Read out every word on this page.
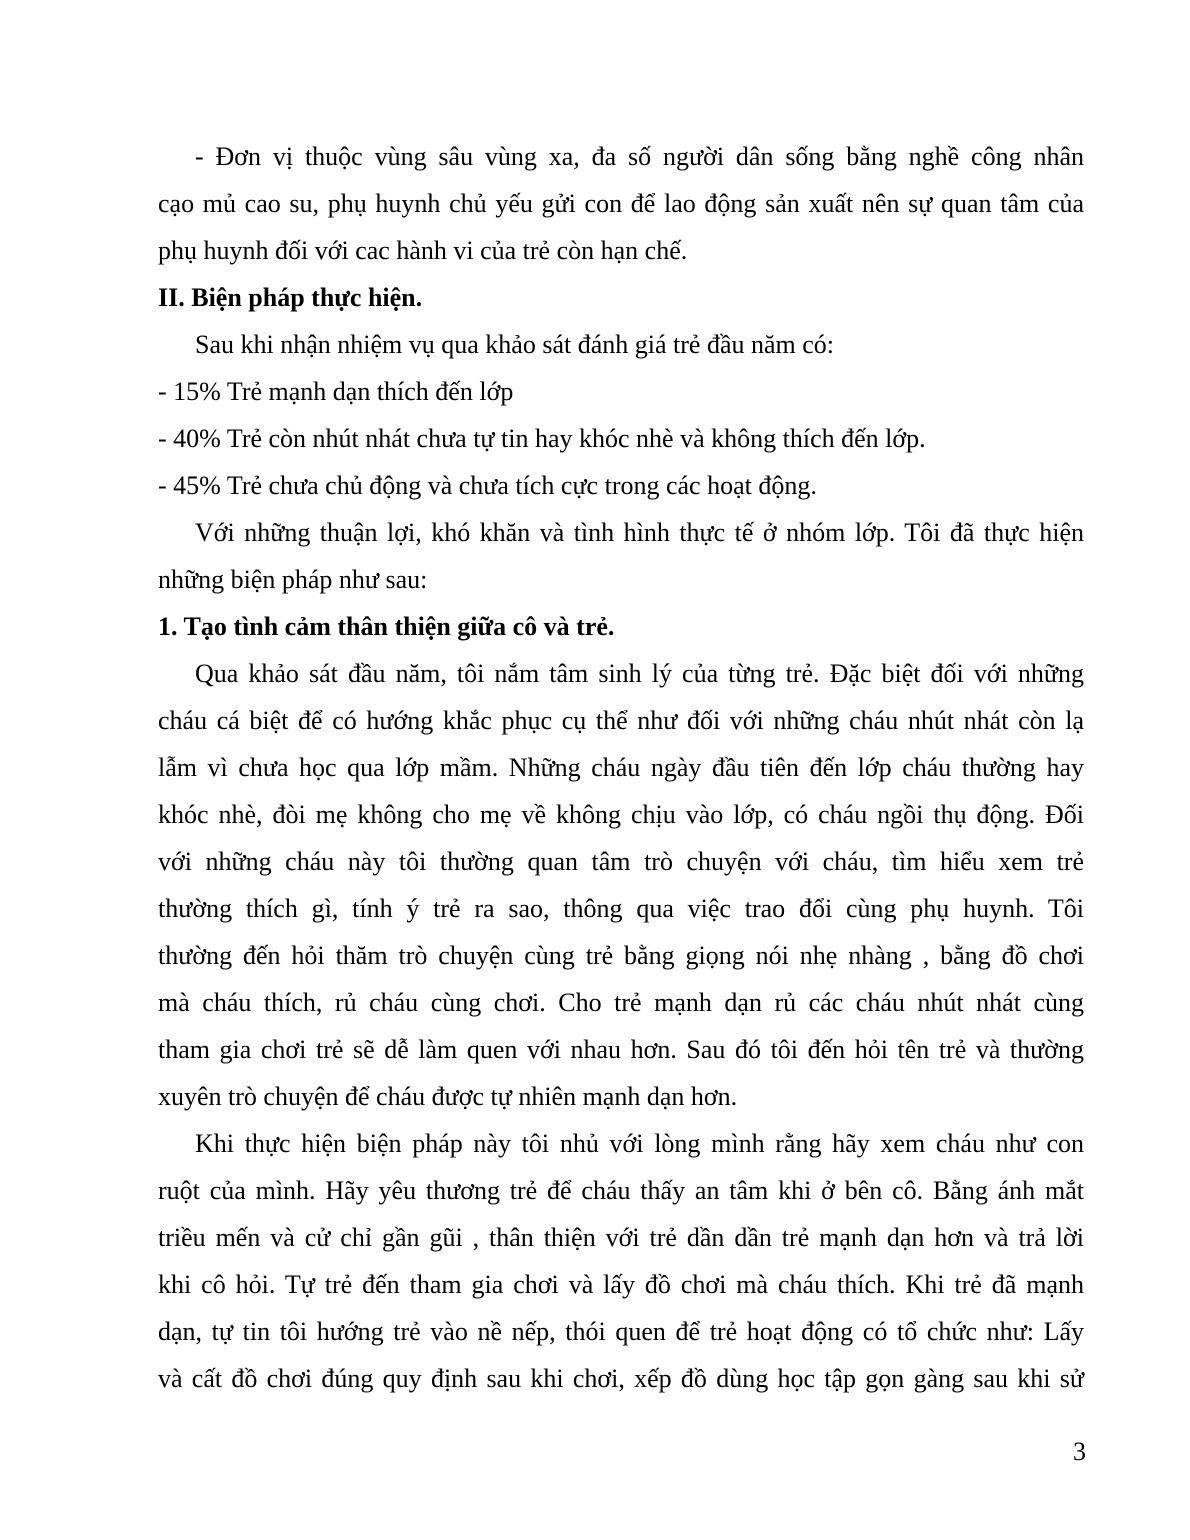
- Đơn vị thuộc vùng sâu vùng xa, đa số người dân sống bằng nghề công nhân
cạo mủ cao su, phụ huynh chủ yếu gửi con để lao động sản xuất nên sự quan tâm của
phụ huynh đối với cac hành vi của trẻ còn hạn chế.
II. Biện pháp thực hiện.
Sau khi nhận nhiệm vụ qua khảo sát đánh giá trẻ đầu năm có:
- 15% Trẻ mạnh dạn thích đến lớp
- 40% Trẻ còn nhút nhát chưa tự tin hay khóc nhè và không thích đến lớp.
- 45% Trẻ chưa chủ động và chưa tích cực trong các hoạt động.
Với những thuận lợi, khó khăn và tình hình thực tế ở nhóm lớp. Tôi đã thực hiện
những biện pháp như sau:
1. Tạo tình cảm thân thiện giữa cô và trẻ.
Qua khảo sát đầu năm, tôi nắm tâm sinh lý của từng trẻ. Đặc biệt đối với những
cháu cá biệt để có hướng khắc phục cụ thể như đối với những cháu nhút nhát còn lạ
lẫm vì chưa học qua lớp mầm. Những cháu ngày đầu tiên đến lớp cháu thường hay
khóc nhè, đòi mẹ không cho mẹ về không chịu vào lớp, có cháu ngồi thụ động. Đối
với những cháu này tôi thường quan tâm trò chuyện với cháu, tìm hiểu xem trẻ
thường thích gì, tính ý trẻ ra sao, thông qua việc trao đổi cùng phụ huynh. Tôi
thường đến hỏi thăm trò chuyện cùng trẻ bằng giọng nói nhẹ nhàng , bằng đồ chơi
mà cháu thích, rủ cháu cùng chơi. Cho trẻ mạnh dạn rủ các cháu nhút nhát cùng
tham gia chơi trẻ sẽ dễ làm quen với nhau hơn. Sau đó tôi đến hỏi tên trẻ và thường
xuyên trò chuyện để cháu được tự nhiên mạnh dạn hơn.
Khi thực hiện biện pháp này tôi nhủ với lòng mình rằng hãy xem cháu như con
ruột của mình. Hãy yêu thương trẻ để cháu thấy an tâm khi ở bên cô. Bằng ánh mắt
triều mến và cử chỉ gần gũi , thân thiện với trẻ dần dần trẻ mạnh dạn hơn và trả lời
khi cô hỏi. Tự trẻ đến tham gia chơi và lấy đồ chơi mà cháu thích. Khi trẻ đã mạnh
dạn, tự tin tôi hướng trẻ vào nề nếp, thói quen để trẻ hoạt động có tổ chức như: Lấy
và cất đồ chơi đúng quy định sau khi chơi, xếp đồ dùng học tập gọn gàng sau khi sử
3
